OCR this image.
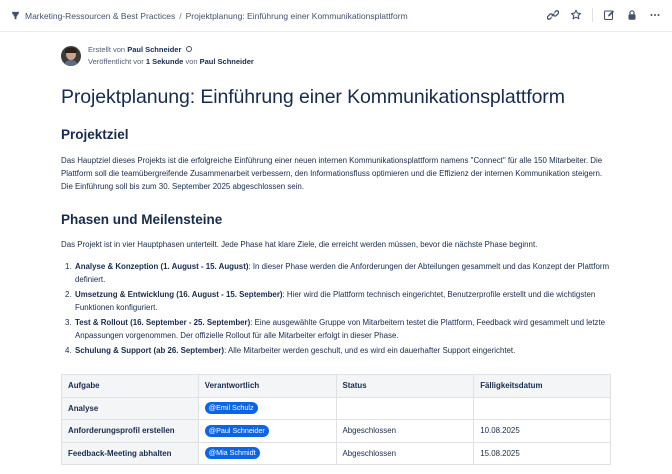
Marketing-Ressourcen & Best Practices / Projektplanung: Einführung einer Kommunikationsplattform
Erstellt von Paul Schneider
Veröffentlicht vor 1 Sekunde von Paul Schneider
Projektplanung: Einführung einer Kommunikationsplattform
Projektziel

Das Hauptziel dieses Projekts ist die erfolgreiche Einführung einer neuen internen Kommunikationsplattform namens "Connect" für alle 150 Mitarbeiter. Die Plattform soll die teamübergreifende Zusammenarbeit verbessern, den Informationsfluss optimieren und die Effizienz der internen Kommunikation steigern. Die Einführung soll bis zum 30. September 2025 abgeschlossen sein.

Phasen und Meilensteine

Das Projekt ist in vier Hauptphasen unterteilt. Jede Phase hat klare Ziele, die erreicht werden müssen, bevor die nächste Phase beginnt.

1. Analyse & Konzeption (1. August - 15. August): In dieser Phase werden die Anforderungen der Abteilungen gesammelt und das Konzept der Plattform definiert.
2. Umsetzung & Entwicklung (16. August - 15. September): Hier wird die Plattform technisch eingerichtet, Benutzerprofile erstellt und die wichtigsten Funktionen konfiguriert.
3. Test & Rollout (16. September - 25. September): Eine ausgewählte Gruppe von Mitarbeitern testet die Plattform, Feedback wird gesammelt und letzte Anpassungen vorgenommen. Der offizielle Rollout für alle Mitarbeiter erfolgt in dieser Phase.
4. Schulung & Support (ab 26. September): Alle Mitarbeiter werden geschult, und es wird ein dauerhafter Support eingerichtet.
Aufgabe	Verantwortlich	Status	Fälligkeitsdatum
Analyse	@Emil Schulz		
Anforderungsprofil erstellen	@Paul Schneider	Abgeschlossen	10.08.2025
Feedback-Meeting abhalten	@Mia Schmidt	Abgeschlossen	15.08.2025
